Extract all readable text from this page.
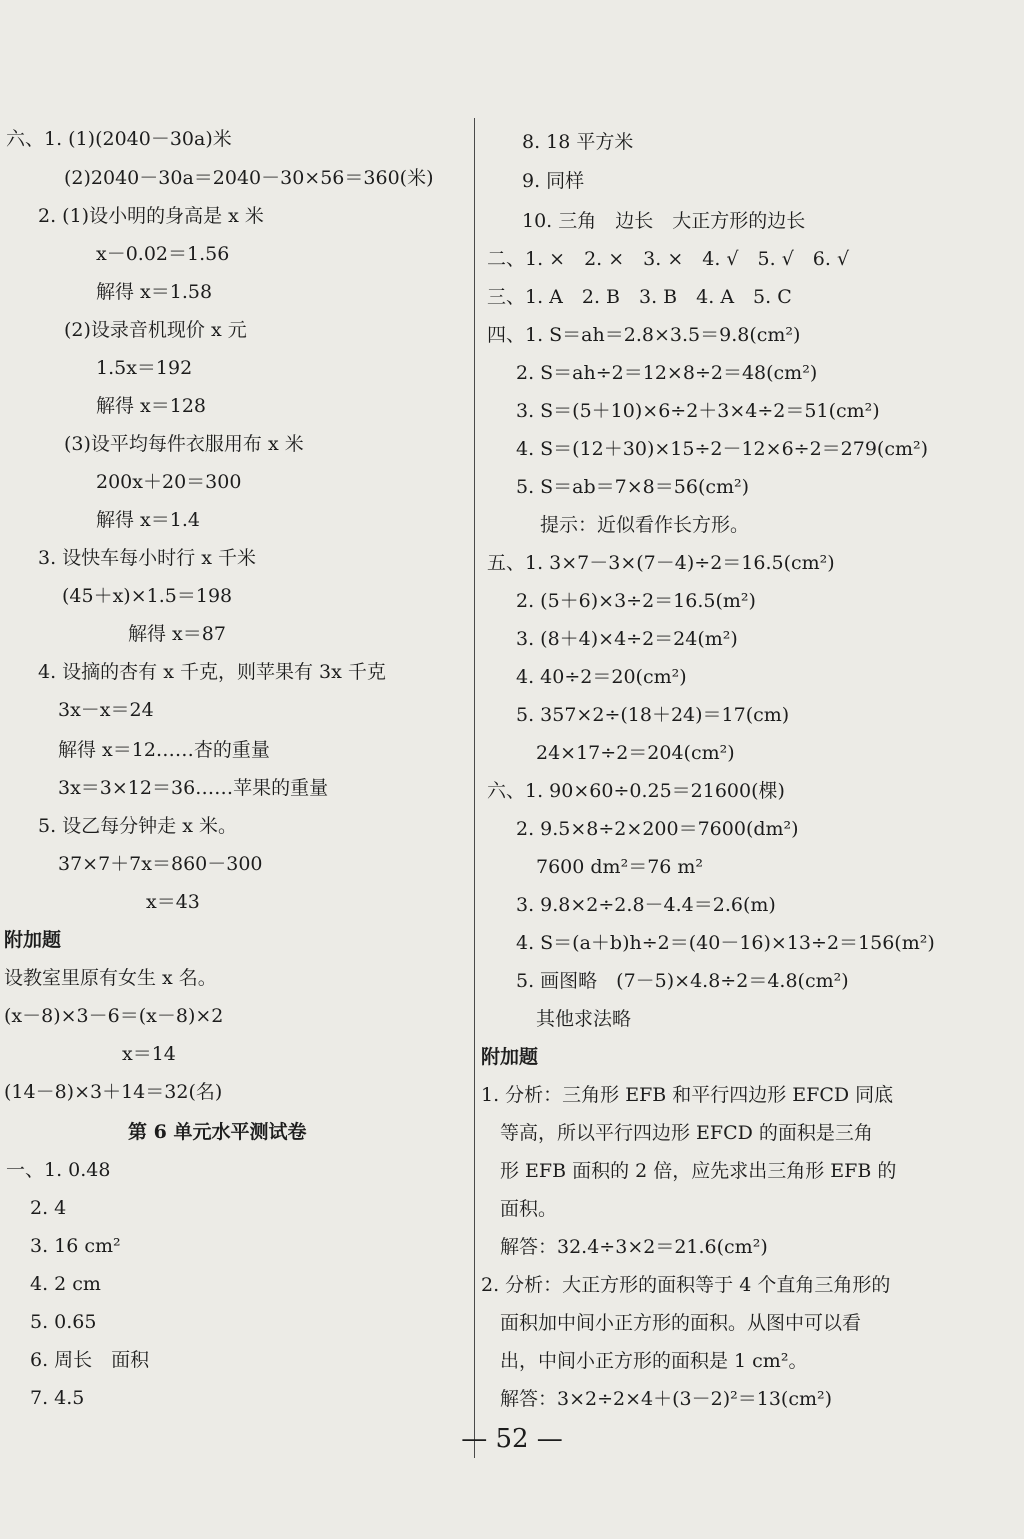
六、1. (1)(2040－30a)米
(2)2040－30a＝2040－30×56＝360(米)
2. (1)设小明的身高是 x 米
x－0.02＝1.56
解得 x＝1.58
(2)设录音机现价 x 元
1.5x＝192
解得 x＝128
(3)设平均每件衣服用布 x 米
200x＋20＝300
解得 x＝1.4
3. 设快车每小时行 x 千米
(45＋x)×1.5＝198
解得 x＝87
4. 设摘的杏有 x 千克，则苹果有 3x 千克
3x－x＝24
解得 x＝12……杏的重量
3x＝3×12＝36……苹果的重量
5. 设乙每分钟走 x 米。
37×7＋7x＝860－300
x＝43
附加题
设教室里原有女生 x 名。
(x－8)×3－6＝(x－8)×2
x＝14
(14－8)×3＋14＝32(名)
第 6 单元水平测试卷
一、1. 0.48
2. 4
3. 16 cm²
4. 2 cm
5. 0.65
6. 周长　面积
7. 4.5
8. 18 平方米
9. 同样
10. 三角　边长　大正方形的边长
二、1. ×　2. ×　3. ×　4. √　5. √　6. √
三、1. A　2. B　3. B　4. A　5. C
四、1. S＝ah＝2.8×3.5＝9.8(cm²)
2. S＝ah÷2＝12×8÷2＝48(cm²)
3. S＝(5＋10)×6÷2＋3×4÷2＝51(cm²)
4. S＝(12＋30)×15÷2－12×6÷2＝279(cm²)
5. S＝ab＝7×8＝56(cm²)
提示：近似看作长方形。
五、1. 3×7－3×(7－4)÷2＝16.5(cm²)
2. (5＋6)×3÷2＝16.5(m²)
3. (8＋4)×4÷2＝24(m²)
4. 40÷2＝20(cm²)
5. 357×2÷(18＋24)＝17(cm)
24×17÷2＝204(cm²)
六、1. 90×60÷0.25＝21600(棵)
2. 9.5×8÷2×200＝7600(dm²)
7600 dm²＝76 m²
3. 9.8×2÷2.8－4.4＝2.6(m)
4. S＝(a＋b)h÷2＝(40－16)×13÷2＝156(m²)
5. 画图略　(7－5)×4.8÷2＝4.8(cm²)
其他求法略
附加题
1. 分析：三角形 EFB 和平行四边形 EFCD 同底
等高，所以平行四边形 EFCD 的面积是三角
形 EFB 面积的 2 倍，应先求出三角形 EFB 的
面积。
解答：32.4÷3×2＝21.6(cm²)
2. 分析：大正方形的面积等于 4 个直角三角形的
面积加中间小正方形的面积。从图中可以看
出，中间小正方形的面积是 1 cm²。
解答：3×2÷2×4＋(3－2)²＝13(cm²)
— 52 —
